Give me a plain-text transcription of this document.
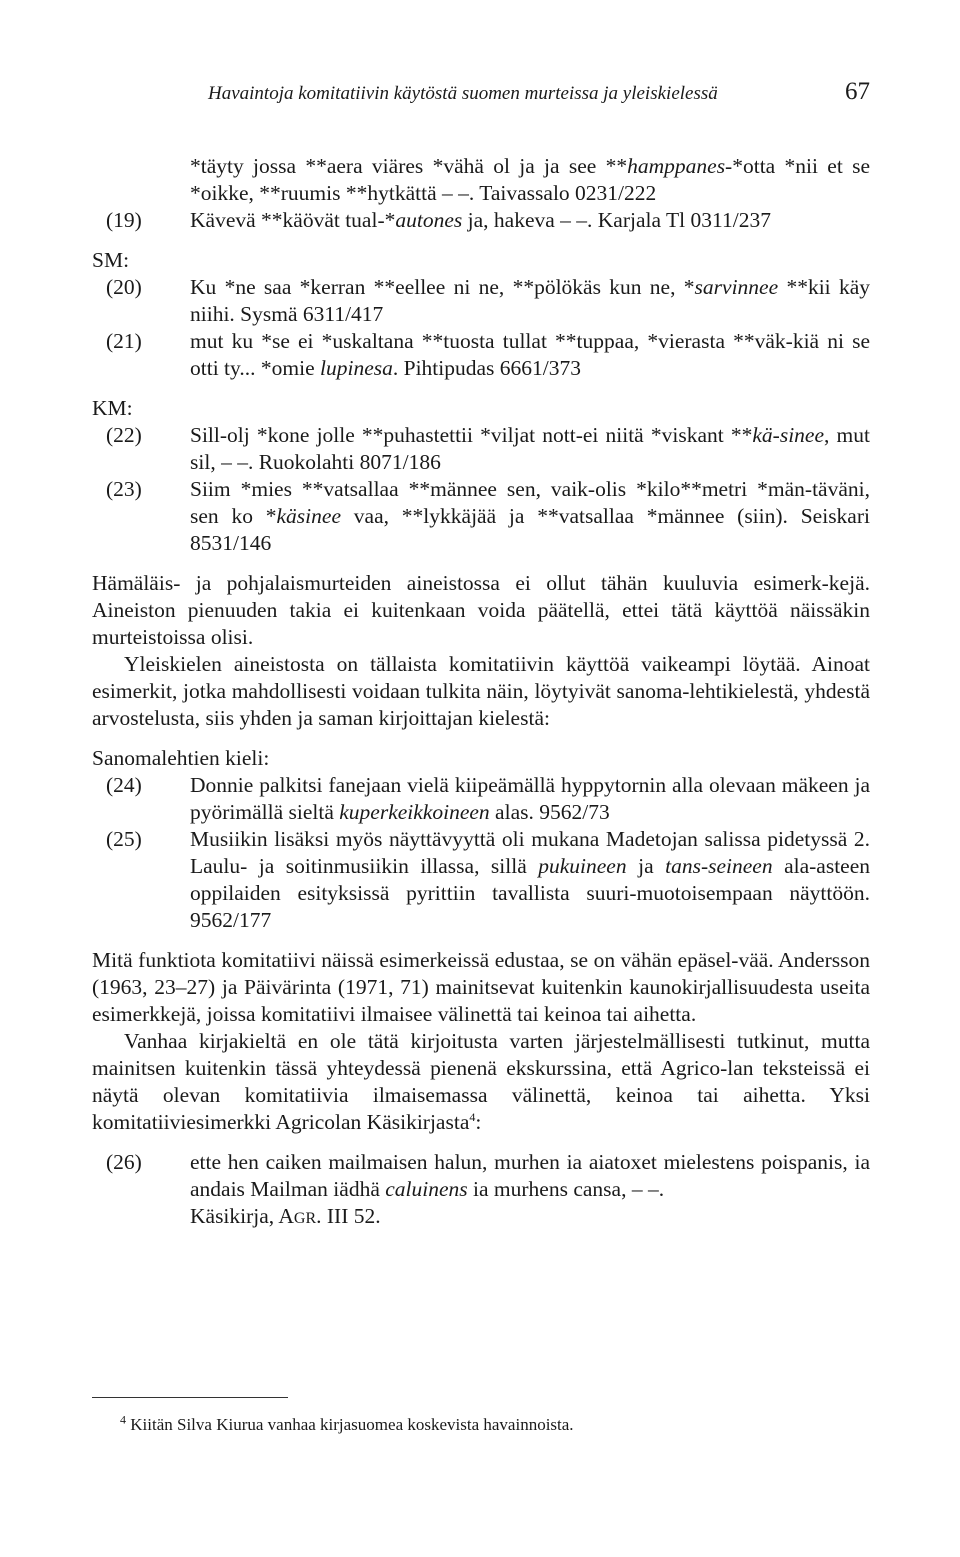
Havaintoja komitatiivin käytöstä suomen murteissa ja yleiskielessä	67
*täyty jossa **aera viäres *vähä ol ja ja see **hamppanes-*otta *nii et se *oikke, **ruumis **hytkättä – –. Taivassalo 0231/222
(19)	Kävevä **käövät tual-*autones ja, hakeva – –. Karjala Tl 0311/237
SM:
(20)	Ku *ne saa *kerran **eellee ni ne, **pölökäs kun ne, *sarvinnee **kii käy niihi. Sysmä 6311/417
(21)	mut ku *se ei *uskaltana **tuosta tullat **tuppaa, *vierasta **väk-kiä ni se otti ty... *omie lupinesa. Pihtipudas 6661/373
KM:
(22)	Sill-olj *kone jolle **puhastettii *viljat nott-ei niitä *viskant **kä-sinee, mut sil, – –. Ruokolahti 8071/186
(23)	Siim *mies **vatsallaa **männee sen, vaik-olis *kilo**metri *män-täväni, sen ko *käsinee vaa, **lykkäjää ja **vatsallaa *männee (siin). Seiskari 8531/146

Hämäläis- ja pohjalaismurteiden aineistossa ei ollut tähän kuuluvia esimerk-kejä. Aineiston pienuuden takia ei kuitenkaan voida päätellä, ettei tätä käyttöä näissäkin murteistoissa olisi.

Yleiskielen aineistosta on tällaista komitatiivin käyttöä vaikeampi löytää. Ainoat esimerkit, jotka mahdollisesti voidaan tulkita näin, löytyivät sanoma-lehtikielestä, yhdestä arvostelusta, siis yhden ja saman kirjoittajan kielestä:

Sanomalehtien kieli:
(24)	Donnie palkitsi fanejaan vielä kiipeämällä hyppytornin alla olevaan mäkeen ja pyörimällä sieltä kuperkeikkoineen alas. 9562/73
(25)	Musiikin lisäksi myös näyttävyyttä oli mukana Madetojan salissa pidetyssä 2. Laulu- ja soitinmusiikin illassa, sillä pukuineen ja tans-seineen ala-asteen oppilaiden esityksissä pyrittiin tavallista suuri-muotoisempaan näyttöön. 9562/177

Mitä funktiota komitatiivi näissä esimerkeissä edustaa, se on vähän epäsel-vää. Andersson (1963, 23–27) ja Päivärinta (1971, 71) mainitsevat kuitenkin kaunokirjallisuudesta useita esimerkkejä, joissa komitatiivi ilmaisee välinettä tai keinoa tai aihetta.

Vanhaa kirjakieltä en ole tätä kirjoitusta varten järjestelmällisesti tutkinut, mutta mainitsen kuitenkin tässä yhteydessä pienenä ekskurssina, että Agrico-lan teksteissä ei näytä olevan komitatiivia ilmaisemassa välinettä, keinoa tai aihetta. Yksi komitatiiviesimerkki Agricolan Käsikirjasta$^4$:

(26)	ette hen caiken mailmaisen halun, murhen ia aiatoxet mielestens poispanis, ia andais Mailman iädhä caluinens ia murhens cansa, – –.
Käsikirja, AGR. III 52.
$^4$ Kiitän Silva Kiurua vanhaa kirjasuomea koskevista havainnoista.
